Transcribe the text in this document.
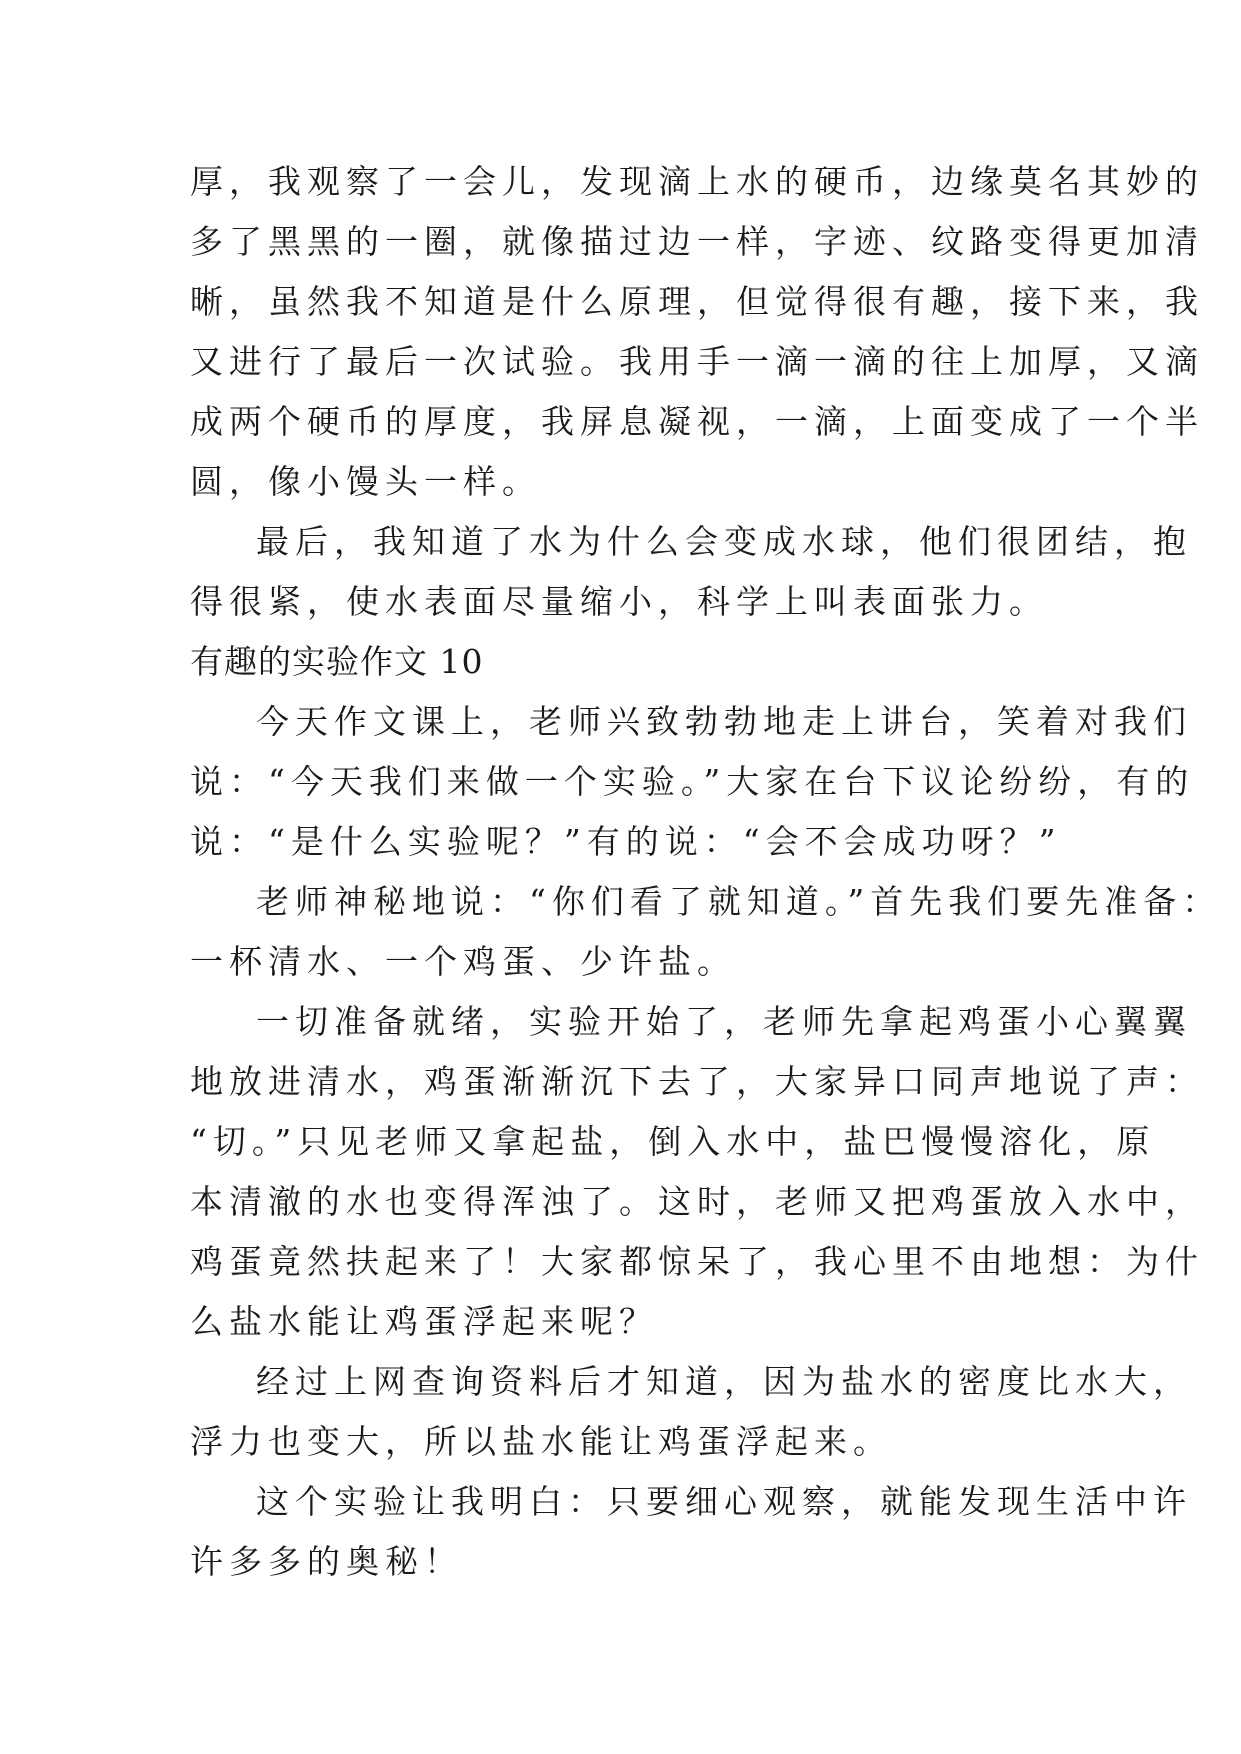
厚，我观察了一会儿，发现滴上水的硬币，边缘莫名其妙的
多了黑黑的一圈，就像描过边一样，字迹、纹路变得更加清
晰，虽然我不知道是什么原理，但觉得很有趣，接下来，我
又进行了最后一次试验。我用手一滴一滴的往上加厚，又滴
成两个硬币的厚度，我屏息凝视，一滴，上面变成了一个半
圆，像小馒头一样。
最后，我知道了水为什么会变成水球，他们很团结，抱
得很紧，使水表面尽量缩小，科学上叫表面张力。
有趣的实验作文 10
今天作文课上，老师兴致勃勃地走上讲台，笑着对我们
说：“今天我们来做一个实验。”大家在台下议论纷纷，有的
说：“是什么实验呢？”有的说：“会不会成功呀？”
老师神秘地说：“你们看了就知道。”首先我们要先准备：
一杯清水、一个鸡蛋、少许盐。
一切准备就绪，实验开始了，老师先拿起鸡蛋小心翼翼
地放进清水，鸡蛋渐渐沉下去了，大家异口同声地说了声：
“切。”只见老师又拿起盐，倒入水中，盐巴慢慢溶化，原
本清澈的水也变得浑浊了。这时，老师又把鸡蛋放入水中，
鸡蛋竟然扶起来了！大家都惊呆了，我心里不由地想：为什
么盐水能让鸡蛋浮起来呢？
经过上网查询资料后才知道，因为盐水的密度比水大，
浮力也变大，所以盐水能让鸡蛋浮起来。
这个实验让我明白：只要细心观察，就能发现生活中许
许多多的奥秘！
